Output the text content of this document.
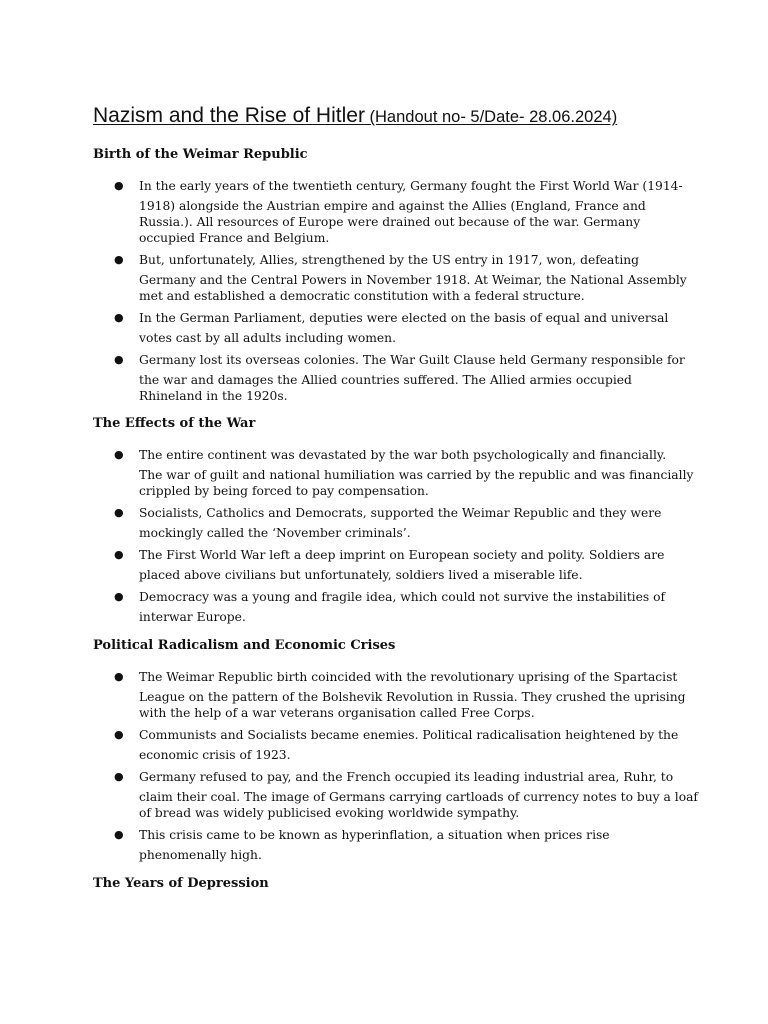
Nazism and the Rise of Hitler (Handout no- 5/Date- 28.06.2024)
Birth of the Weimar Republic
● In the early years of the twentieth century, Germany fought the First World War (1914-
1918) alongside the Austrian empire and against the Allies (England, France and
Russia.). All resources of Europe were drained out because of the war. Germany
occupied France and Belgium.
● But, unfortunately, Allies, strengthened by the US entry in 1917, won, defeating
Germany and the Central Powers in November 1918. At Weimar, the National Assembly
met and established a democratic constitution with a federal structure.
● In the German Parliament, deputies were elected on the basis of equal and universal
votes cast by all adults including women.
● Germany lost its overseas colonies. The War Guilt Clause held Germany responsible for
the war and damages the Allied countries suffered. The Allied armies occupied
Rhineland in the 1920s.
The Effects of the War
● The entire continent was devastated by the war both psychologically and financially.
The war of guilt and national humiliation was carried by the republic and was financially
crippled by being forced to pay compensation.
● Socialists, Catholics and Democrats, supported the Weimar Republic and they were
mockingly called the ‘November criminals’.
● The First World War left a deep imprint on European society and polity. Soldiers are
placed above civilians but unfortunately, soldiers lived a miserable life.
● Democracy was a young and fragile idea, which could not survive the instabilities of
interwar Europe.
Political Radicalism and Economic Crises
● The Weimar Republic birth coincided with the revolutionary uprising of the Spartacist
League on the pattern of the Bolshevik Revolution in Russia. They crushed the uprising
with the help of a war veterans organisation called Free Corps.
● Communists and Socialists became enemies. Political radicalisation heightened by the
economic crisis of 1923.
● Germany refused to pay, and the French occupied its leading industrial area, Ruhr, to
claim their coal. The image of Germans carrying cartloads of currency notes to buy a loaf
of bread was widely publicised evoking worldwide sympathy.
● This crisis came to be known as hyperinflation, a situation when prices rise
phenomenally high.
The Years of Depression
